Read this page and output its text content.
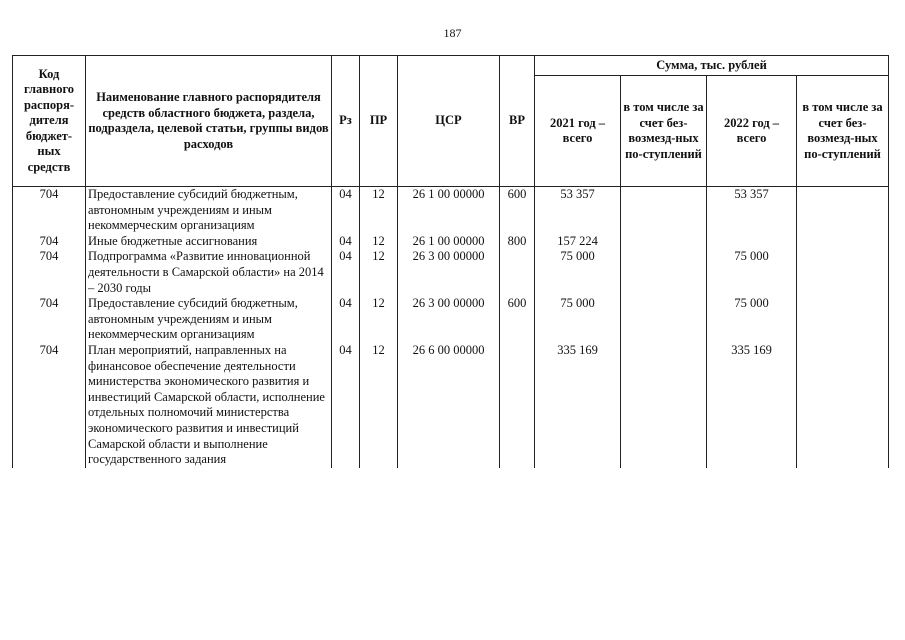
187
Код главного распоря-дителя бюджет-ных средств	Наименование главного распорядителя средств областного бюджета, раздела, подраздела, целевой статьи, группы видов расходов	Рз	ПР	ЦСР	ВР	Сумма, тыс. рублей			
						2021 год – всего	в том числе за счет без-возмезд-ных по-ступлений	2022 год – всего	в том числе за счет без-возмезд-ных по-ступлений
704	Предоставление субсидий бюджетным, автономным учреждениям и иным некоммерческим организациям	04	12	26 1 00 00000	600	53 357		53 357	
704	Иные бюджетные ассигнования	04	12	26 1 00 00000	800	157 224			
704	Подпрограмма «Развитие инновационной деятельности в Самарской области» на 2014 – 2030 годы	04	12	26 3 00 00000		75 000		75 000	
704	Предоставление субсидий бюджетным, автономным учреждениям и иным некоммерческим организациям	04	12	26 3 00 00000	600	75 000		75 000	
704	План мероприятий, направленных на финансовое обеспечение деятельности министерства экономического развития и инвестиций Самарской области, исполнение отдельных полномочий министерства экономического развития и инвестиций Самарской области и выполнение государственного задания	04	12	26 6 00 00000		335 169		335 169	
